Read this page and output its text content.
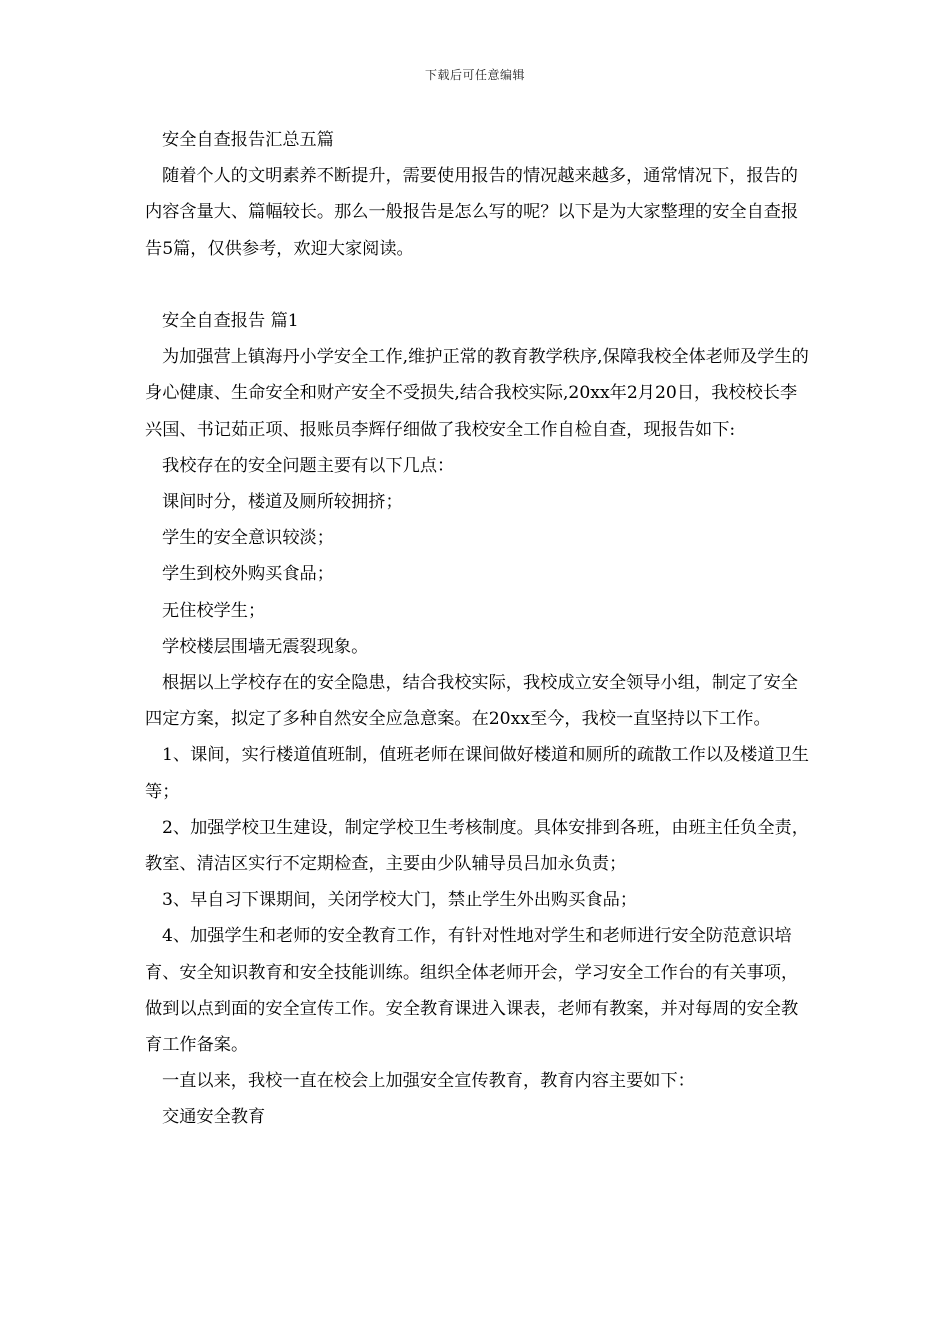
下载后可任意编辑

安全自查报告汇总五篇

随着个人的文明素养不断提升，需要使用报告的情况越来越多，通常情况下，报告的内容含量大、篇幅较长。那么一般报告是怎么写的呢？以下是为大家整理的安全自查报告5篇，仅供参考，欢迎大家阅读。

安全自查报告 篇1

为加强营上镇海丹小学安全工作,维护正常的教育教学秩序,保障我校全体老师及学生的身心健康、生命安全和财产安全不受损失,结合我校实际,20xx年2月20日，我校校长李兴国、书记茹正项、报账员李辉仔细做了我校安全工作自检自查，现报告如下:

我校存在的安全问题主要有以下几点：

课间时分，楼道及厕所较拥挤；

学生的安全意识较淡；

学生到校外购买食品；

无住校学生；

学校楼层围墙无震裂现象。

根据以上学校存在的安全隐患，结合我校实际，我校成立安全领导小组，制定了安全四定方案，拟定了多种自然安全应急意案。在20xx至今，我校一直坚持以下工作。

1、课间，实行楼道值班制，值班老师在课间做好楼道和厕所的疏散工作以及楼道卫生等；

2、加强学校卫生建设，制定学校卫生考核制度。具体安排到各班，由班主任负全责，教室、清洁区实行不定期检查，主要由少队辅导员吕加永负责；

3、早自习下课期间，关闭学校大门，禁止学生外出购买食品；

4、加强学生和老师的安全教育工作，有针对性地对学生和老师进行安全防范意识培育、安全知识教育和安全技能训练。组织全体老师开会，学习安全工作台的有关事项，做到以点到面的安全宣传工作。安全教育课进入课表，老师有教案，并对每周的安全教育工作备案。

一直以来，我校一直在校会上加强安全宣传教育，教育内容主要如下：

交通安全教育
